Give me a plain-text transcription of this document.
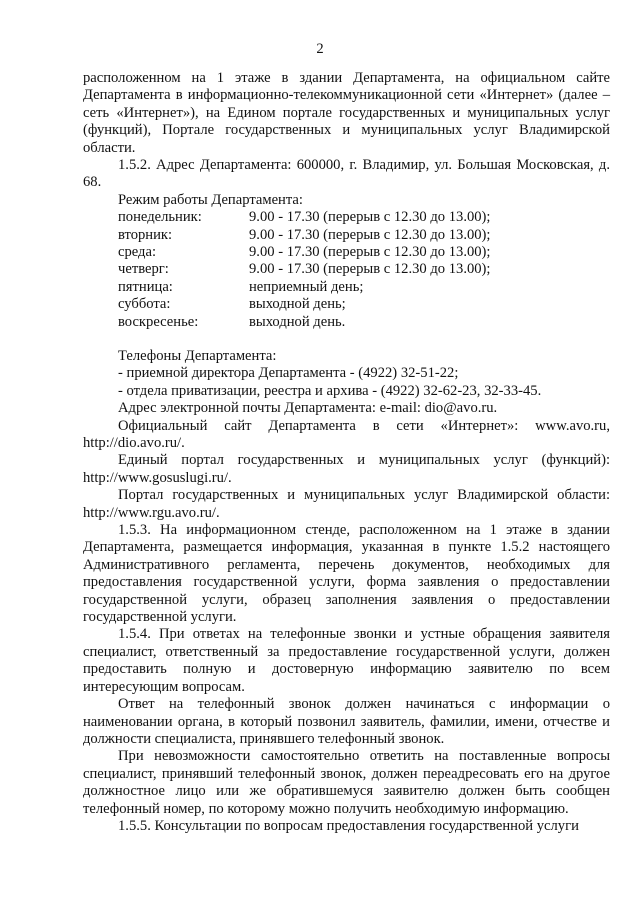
2

расположенном на 1 этаже в здании Департамента, на официальном сайте Департамента в информационно-телекоммуникационной сети «Интернет» (далее – сеть «Интернет»), на Едином портале государственных и муниципальных услуг (функций), Портале государственных и муниципальных услуг Владимирской области.

1.5.2. Адрес Департамента: 600000, г. Владимир, ул. Большая Московская, д. 68.

Режим работы Департамента:

понедельник:	9.00 - 17.30 (перерыв с 12.30 до 13.00);
вторник:	9.00 - 17.30 (перерыв с 12.30 до 13.00);
среда:	9.00 - 17.30 (перерыв с 12.30 до 13.00);
четверг:	9.00 - 17.30 (перерыв с 12.30 до 13.00);
пятница:	неприемный день;
суббота:	выходной день;
воскресенье:	выходной день.

Телефоны Департамента:

- приемной директора Департамента - (4922) 32-51-22;

- отдела приватизации, реестра и архива - (4922) 32-62-23, 32-33-45.

Адрес электронной почты Департамента: e-mail: dio@avo.ru.

Официальный сайт Департамента в сети «Интернет»: www.avo.ru, http://dio.avo.ru/.

Единый портал государственных и муниципальных услуг (функций): http://www.gosuslugi.ru/.

Портал государственных и муниципальных услуг Владимирской области: http://www.rgu.avo.ru/.

1.5.3. На информационном стенде, расположенном на 1 этаже в здании Департамента, размещается информация, указанная в пункте 1.5.2 настоящего Административного регламента, перечень документов, необходимых для предоставления государственной услуги, форма заявления о предоставлении государственной услуги, образец заполнения заявления о предоставлении государственной услуги.

1.5.4. При ответах на телефонные звонки и устные обращения заявителя специалист, ответственный за предоставление государственной услуги, должен предоставить полную и достоверную информацию заявителю по всем интересующим вопросам.

Ответ на телефонный звонок должен начинаться с информации о наименовании органа, в который позвонил заявитель, фамилии, имени, отчестве и должности специалиста, принявшего телефонный звонок.

При невозможности самостоятельно ответить на поставленные вопросы специалист, принявший телефонный звонок, должен переадресовать его на другое должностное лицо или же обратившемуся заявителю должен быть сообщен телефонный номер, по которому можно получить необходимую информацию.

1.5.5. Консультации по вопросам предоставления государственной услуги
